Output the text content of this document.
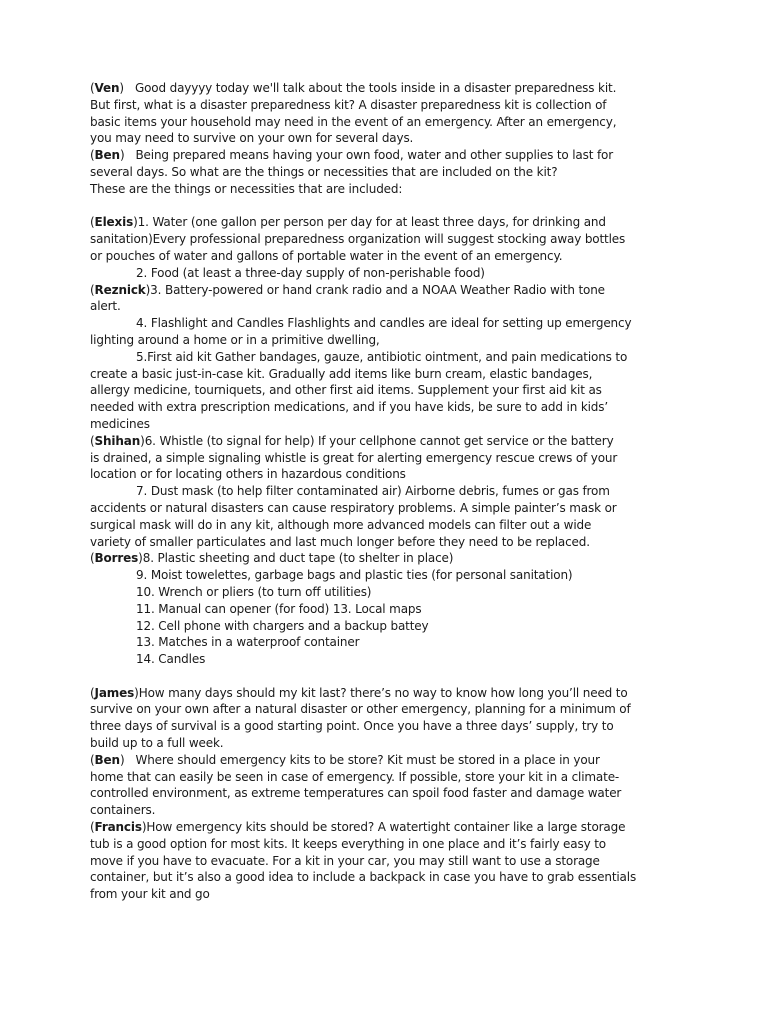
(Ven)   Good dayyyy today we'll talk about the tools inside in a disaster preparedness kit.
But first, what is a disaster preparedness kit? A disaster preparedness kit is collection of
basic items your household may need in the event of an emergency. After an emergency,
you may need to survive on your own for several days.
(Ben)   Being prepared means having your own food, water and other supplies to last for
several days. So what are the things or necessities that are included on the kit?
These are the things or necessities that are included:
(Elexis)1. Water (one gallon per person per day for at least three days, for drinking and
sanitation)Every professional preparedness organization will suggest stocking away bottles
or pouches of water and gallons of portable water in the event of an emergency.
2. Food (at least a three-day supply of non-perishable food)
(Reznick)3. Battery-powered or hand crank radio and a NOAA Weather Radio with tone
alert.
4. Flashlight and Candles Flashlights and candles are ideal for setting up emergency
lighting around a home or in a primitive dwelling,
5.First aid kit Gather bandages, gauze, antibiotic ointment, and pain medications to
create a basic just-in-case kit. Gradually add items like burn cream, elastic bandages,
allergy medicine, tourniquets, and other first aid items. Supplement your first aid kit as
needed with extra prescription medications, and if you have kids, be sure to add in kids’
medicines
(Shihan)6. Whistle (to signal for help) If your cellphone cannot get service or the battery
is drained, a simple signaling whistle is great for alerting emergency rescue crews of your
location or for locating others in hazardous conditions
7. Dust mask (to help filter contaminated air) Airborne debris, fumes or gas from
accidents or natural disasters can cause respiratory problems. A simple painter’s mask or
surgical mask will do in any kit, although more advanced models can filter out a wide
variety of smaller particulates and last much longer before they need to be replaced.
(Borres)8. Plastic sheeting and duct tape (to shelter in place)
9. Moist towelettes, garbage bags and plastic ties (for personal sanitation)
10. Wrench or pliers (to turn off utilities)
11. Manual can opener (for food) 13. Local maps
12. Cell phone with chargers and a backup battey
13. Matches in a waterproof container
14. Candles
(James)How many days should my kit last? there’s no way to know how long you’ll need to
survive on your own after a natural disaster or other emergency, planning for a minimum of
three days of survival is a good starting point. Once you have a three days’ supply, try to
build up to a full week.
(Ben)   Where should emergency kits to be store? Kit must be stored in a place in your
home that can easily be seen in case of emergency. If possible, store your kit in a climate-
controlled environment, as extreme temperatures can spoil food faster and damage water
containers.
(Francis)How emergency kits should be stored? A watertight container like a large storage
tub is a good option for most kits. It keeps everything in one place and it’s fairly easy to
move if you have to evacuate. For a kit in your car, you may still want to use a storage
container, but it’s also a good idea to include a backpack in case you have to grab essentials
from your kit and go
